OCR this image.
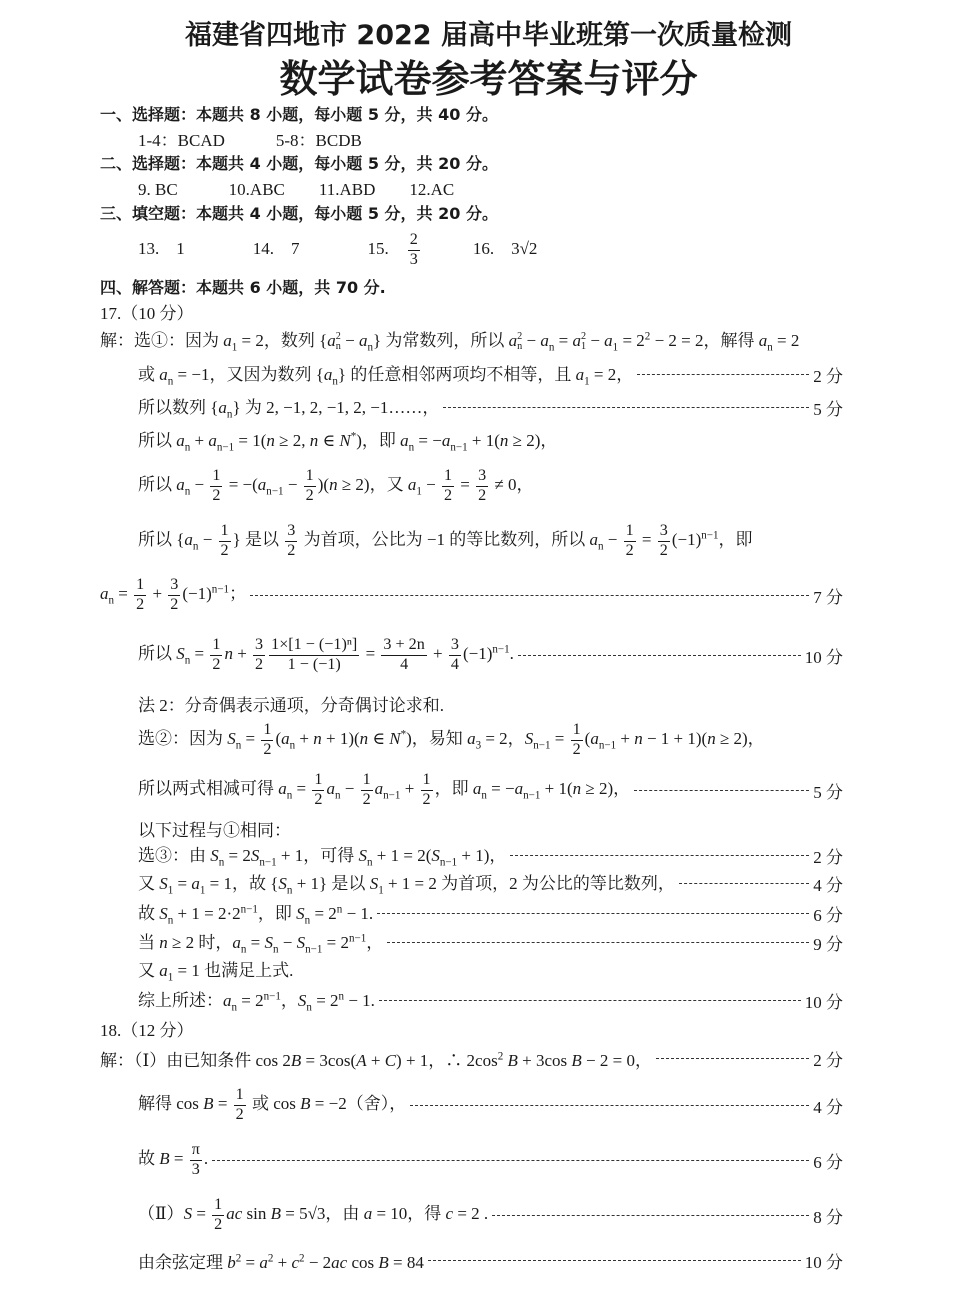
福建省四地市 2022 届高中毕业班第一次质量检测
数学试卷参考答案与评分
一、选择题：本题共 8 小题，每小题 5 分，共 40 分。
1-4：BCAD　　　5-8：BCDB
二、选择题：本题共 4 小题，每小题 5 分，共 20 分。
9. BC　　　10.ABC　　11.ABD　　12.AC
三、填空题：本题共 4 小题，每小题 5 分，共 20 分。
13.　1　　　　14.　7　　　　15.　 $\frac{2}{3}$ 　　　16.　3√2
四、解答题：本题共 6 小题，共 70 分.
17.（10 分）
解：选①：因为 $a_1 = 2$，数列 {a 2
$n - a_n$} 为常数列，所以 a 2
$n - a_n = a$ 2
$1 - a_1 = 2^2 - 2 = 2$，解得 $a_n = 2$
或 $a_n = -1$，又因为数列 $\{a_n\}$ 的任意相邻两项均不相等，且 $a_1 = 2$，	2 分
所以数列 $\{a_n\}$ 为 2, −1, 2, −1, 2, −1……，	5 分
所以 $a_n + a_{n-1} = 1(n \ge 2$, n ∈ N*)，即 $a_n = -a_{n-1} + 1(n \ge 2)$，
所以 $a_n - \frac{1}{2} = -(a_{n-1} - \frac{1}{2} )(n \ge 2)$，又 $a_1 - \frac{1}{2} = \frac{3}{2} \ne 0$，
所以 {$a_n - \frac{1}{2}$ } 是以 $\frac{3}{2}$ 为首项，公比为 −1 的等比数列，所以 $a_n - \frac{1}{2} = \frac{3}{2} (-1)^{n-1}$，即
$a_n = \frac{1}{2} + \frac{3}{2} (-1)^{n-1}$；	7 分
所以 $S_n = \frac{1}{2}$ $n + \frac{3}{2} \frac{\text{1×[1 − (−1)ⁿ]}}{1 - (-1)} = \frac{3 + 2n}{4} + \frac{3}{4} (-1)^{n-1}$.	10 分
法 2：分奇偶表示通项，分奇偶讨论求和.
选②：因为 $S_n = \frac{1}{2} (a_n + n + 1)(n$ ∈ N*)，易知 $a_3 = 2$，$S_{n-1} = \frac{1}{2} (a_{n-1} + n - 1 + 1)(n \ge 2)$，
所以两式相减可得 $a_n = \frac{1}{2} a_n - \frac{1}{2} a_{n-1} + \frac{1}{2}$ ，即 $a_n = -a_{n-1} + 1(n \ge 2)$，	5 分
以下过程与①相同：
选③：由 $S_n = 2S_{n-1} + 1$，可得 $S_n + 1 = 2(S_{n-1} + 1)$，	2 分
又 $S_1 = a_1 = 1$，故 $\{S_n + 1\}$ 是以 $S_1 + 1 = 2$ 为首项，2 为公比的等比数列，	4 分
故 $S_n + 1 = 2\cdot 2^{n-1}$，即 $S_n = 2^n - 1$.	6 分
当 n ≥ 2 时，$a_n = S_n - S_{n-1} = 2^{n-1}$，	9 分
又 $a_1 = 1$ 也满足上式.
综上所述：$a_n = 2^{n-1}$，$S_n = 2^n - 1$.	10 分
18.（12 分）
解：（Ⅰ）由已知条件 cos 2B = 3cos(A + C) + 1，∴ $2\cos^2$ B + 3cos B − 2 = 0，	2 分
解得 $\cos B = \frac{1}{2}$ 或 cos B = −2（舍），	4 分
故 $B = \frac{\pi}{3}$ .	6 分
（Ⅱ）S = $\frac{1}{2}$ ac sin B = 5√3，由 a = 10，得 c = 2 .	8 分
由余弦定理 $b^2 = a^2 + c^2 - 2ac$ cos B = 84	10 分
